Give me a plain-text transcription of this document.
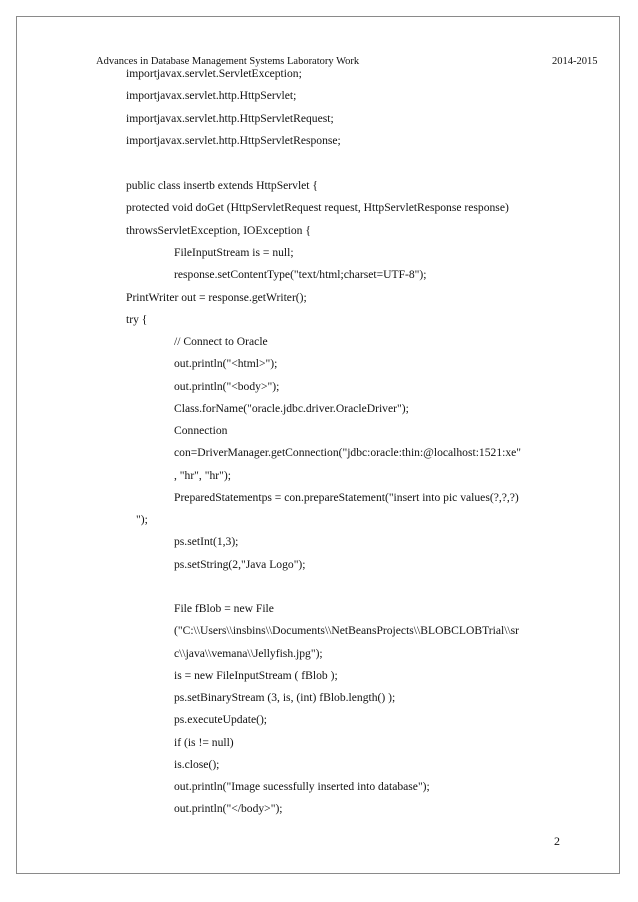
Advances in Database Management Systems Laboratory Work	2014-2015
importjavax.servlet.ServletException;
importjavax.servlet.http.HttpServlet;
importjavax.servlet.http.HttpServletRequest;
importjavax.servlet.http.HttpServletResponse;
public class insertb extends HttpServlet {
protected void doGet (HttpServletRequest request, HttpServletResponse response)
throwsServletException, IOException {
FileInputStream is = null;
response.setContentType("text/html;charset=UTF-8");
PrintWriter out = response.getWriter();
try {
// Connect to Oracle
out.println("<html>");
out.println("<body>");
Class.forName("oracle.jdbc.driver.OracleDriver");
Connection
con=DriverManager.getConnection("jdbc:oracle:thin:@localhost:1521:xe"
, "hr", "hr");
PreparedStatementps = con.prepareStatement("insert into pic values(?,?,?)
");
ps.setInt(1,3);
ps.setString(2,"Java Logo");
File fBlob = new File
("C:\\Users\\insbins\\Documents\\NetBeansProjects\\BLOBCLOBTrial\\sr
c\\java\\vemana\\Jellyfish.jpg");
is = new FileInputStream ( fBlob );
ps.setBinaryStream (3, is, (int) fBlob.length() );
ps.executeUpdate();
if (is != null)
is.close();
out.println("Image sucessfully inserted into database");
out.println("</body>");
2
